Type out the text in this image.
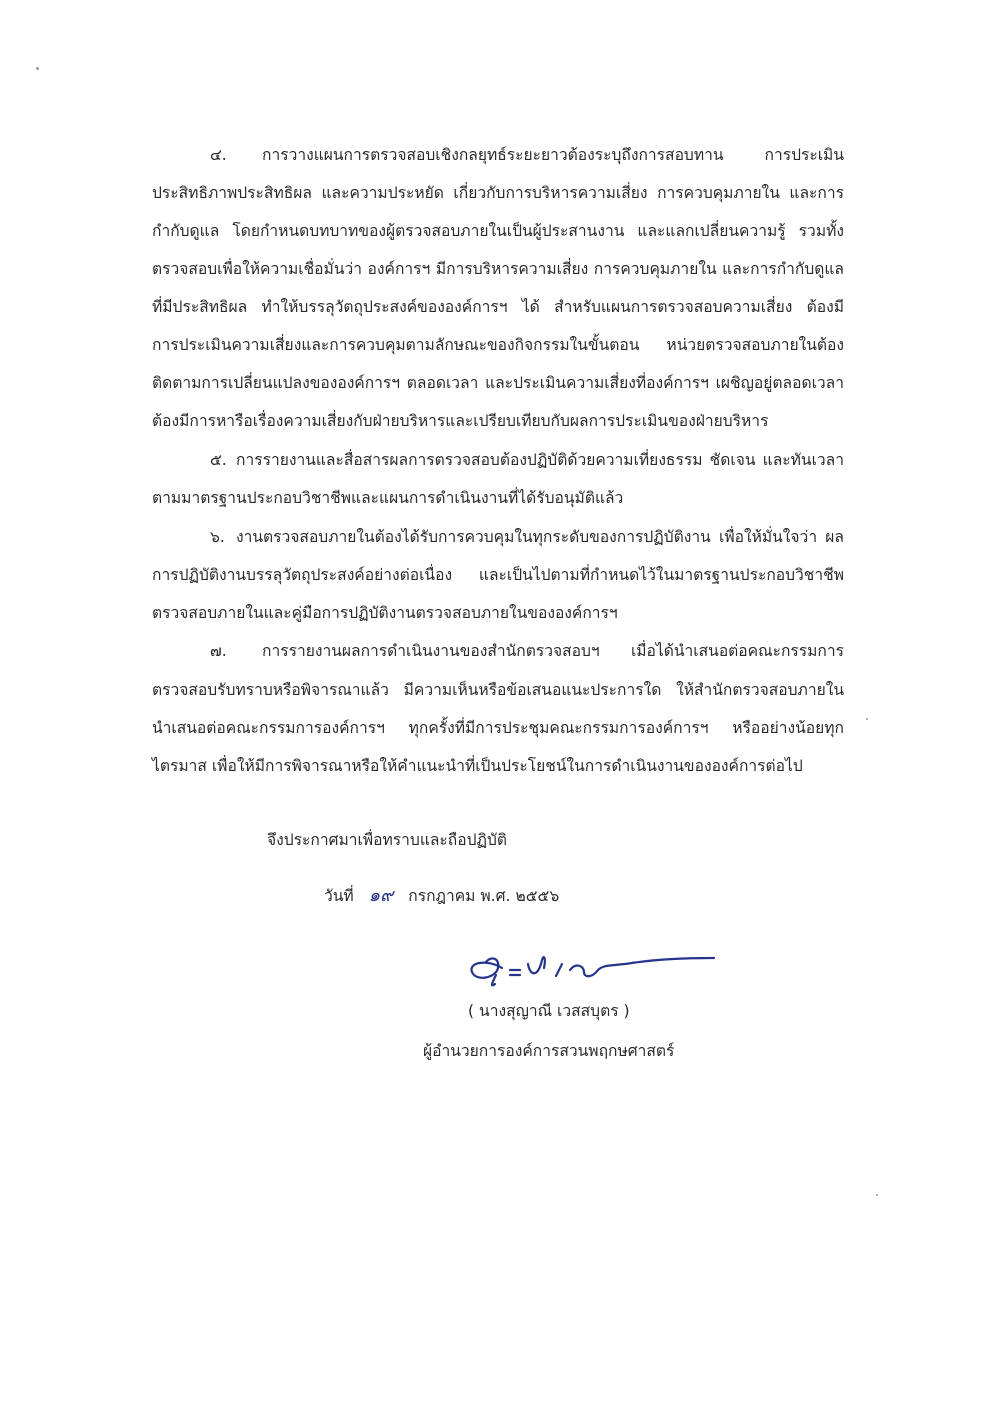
๔. การวางแผนการตรวจสอบเชิงกลยุทธ์ระยะยาวต้องระบุถึงการสอบทาน การประเมิน
ประสิทธิภาพประสิทธิผล และความประหยัด เกี่ยวกับการบริหารความเสี่ยง การควบคุมภายใน และการ
กำกับดูแล โดยกำหนดบทบาทของผู้ตรวจสอบภายในเป็นผู้ประสานงาน และแลกเปลี่ยนความรู้ รวมทั้ง
ตรวจสอบเพื่อให้ความเชื่อมั่นว่า องค์การฯ มีการบริหารความเสี่ยง การควบคุมภายใน และการกำกับดูแล
ที่มีประสิทธิผล ทำให้บรรลุวัตถุประสงค์ขององค์การฯ ได้ สำหรับแผนการตรวจสอบความเสี่ยง ต้องมี
การประเมินความเสี่ยงและการควบคุมตามลักษณะของกิจกรรมในขั้นตอน หน่วยตรวจสอบภายในต้อง
ติดตามการเปลี่ยนแปลงขององค์การฯ ตลอดเวลา และประเมินความเสี่ยงที่องค์การฯ เผชิญอยู่ตลอดเวลา
ต้องมีการหารือเรื่องความเสี่ยงกับฝ่ายบริหารและเปรียบเทียบกับผลการประเมินของฝ่ายบริหาร
๕. การรายงานและสื่อสารผลการตรวจสอบต้องปฏิบัติด้วยความเที่ยงธรรม ชัดเจน และทันเวลา
ตามมาตรฐานประกอบวิชาชีพและแผนการดำเนินงานที่ได้รับอนุมัติแล้ว
๖. งานตรวจสอบภายในต้องได้รับการควบคุมในทุกระดับของการปฏิบัติงาน เพื่อให้มั่นใจว่า ผล
การปฏิบัติงานบรรลุวัตถุประสงค์อย่างต่อเนื่อง และเป็นไปตามที่กำหนดไว้ในมาตรฐานประกอบวิชาชีพ
ตรวจสอบภายในและคู่มือการปฏิบัติงานตรวจสอบภายในขององค์การฯ
๗. การรายงานผลการดำเนินงานของสำนักตรวจสอบฯ เมื่อได้นำเสนอต่อคณะกรรมการ
ตรวจสอบรับทราบหรือพิจารณาแล้ว มีความเห็นหรือข้อเสนอแนะประการใด ให้สำนักตรวจสอบภายใน
นำเสนอต่อคณะกรรมการองค์การฯ ทุกครั้งที่มีการประชุมคณะกรรมการองค์การฯ หรืออย่างน้อยทุก
ไตรมาส เพื่อให้มีการพิจารณาหรือให้คำแนะนำที่เป็นประโยชน์ในการดำเนินงานขององค์การต่อไป
จึงประกาศมาเพื่อทราบและถือปฏิบัติ
วันที่ ๑๙ กรกฎาคม พ.ศ. ๒๕๕๖
( นางสุญาณี เวสสบุตร )
ผู้อำนวยการองค์การสวนพฤกษศาสตร์
